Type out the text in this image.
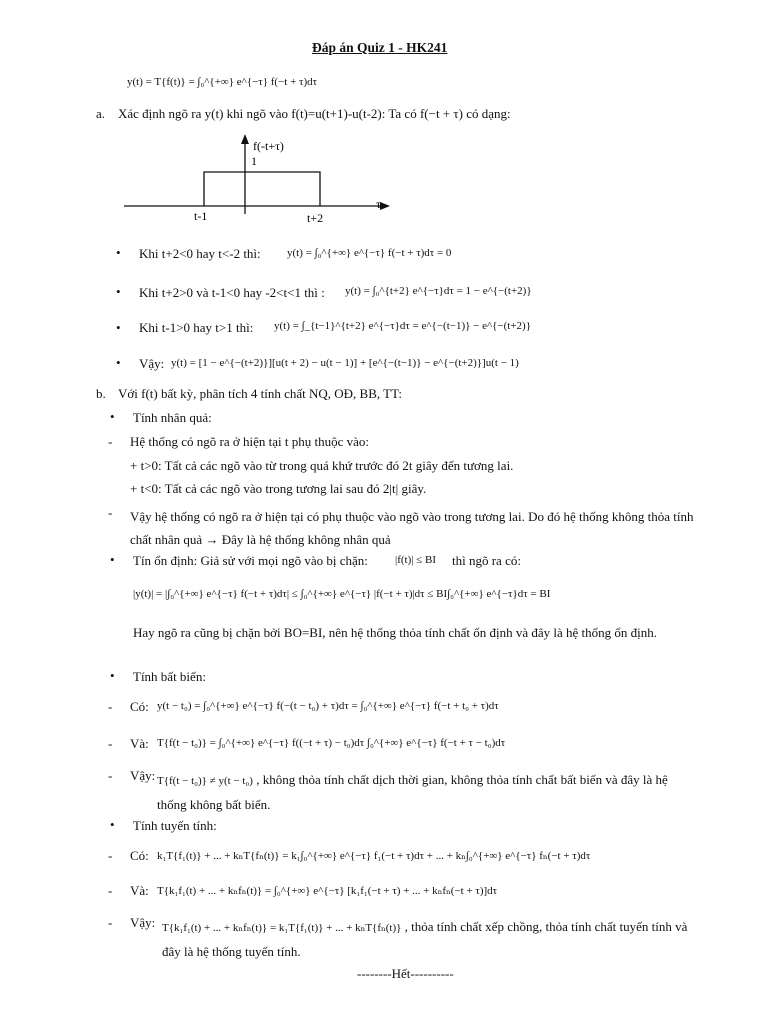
Đáp án Quiz 1 - HK241
y(t) = T{f(t)} = ∫₀^{+∞} e^{−τ} f(−t + τ)dτ
a. Xác định ngõ ra y(t) khi ngõ vào f(t)=u(t+1)-u(t-2): Ta có f(−t + τ) có dạng:
f(-t+τ)
1
t-1	t+2
τ
• Khi t+2<0 hay t<-2 thì: y(t) = ∫₀^{+∞} e^{−τ} f(−t + τ)dτ = 0
• Khi t+2>0 và t-1<0 hay -2<t<1 thì : y(t) = ∫₀^{t+2} e^{−τ}dτ = 1 − e^{−(t+2)}
• Khi t-1>0 hay t>1 thì: y(t) = ∫_{t−1}^{t+2} e^{−τ}dτ = e^{−(t−1)} − e^{−(t+2)}
• Vậy: y(t) = [1 − e^{−(t+2)}][u(t + 2) − u(t − 1)] + [e^{−(t−1)} − e^{−(t+2)}]u(t − 1)
b. Với f(t) bất kỳ, phân tích 4 tính chất NQ, OĐ, BB, TT:
• Tính nhân quả:
- Hệ thống có ngõ ra ở hiện tại t phụ thuộc vào:
+ t>0: Tất cả các ngõ vào từ trong quá khứ trước đó 2t giây đến tương lai.
+ t<0: Tất cả các ngõ vào trong tương lai sau đó 2|t| giây.
- Vậy hệ thống có ngõ ra ở hiện tại có phụ thuộc vào ngõ vào trong tương lai. Do đó hệ thống không thỏa tính chất nhân quả → Đây là hệ thống không nhân quả
• Tín ổn định: Giả sử với mọi ngõ vào bị chặn: |f(t)| ≤ BI thì ngõ ra có:
|y(t)| = |∫₀^{+∞} e^{−τ} f(−t + τ)dτ| ≤ ∫₀^{+∞} e^{−τ} |f(−t + τ)|dτ ≤ BI∫₀^{+∞} e^{−τ}dτ = BI
Hay ngõ ra cũng bị chặn bởi BO=BI, nên hệ thống thỏa tính chất ổn định và đây là hệ thống ổn định.
• Tính bất biến:
- Có: y(t − t₀) = ∫₀^{+∞} e^{−τ} f(−(t − t₀) + τ)dτ = ∫₀^{+∞} e^{−τ} f(−t + t₀ + τ)dτ
- Và: T{f(t − t₀)} = ∫₀^{+∞} e^{−τ} f((−t + τ) − t₀)dτ ∫₀^{+∞} e^{−τ} f(−t + τ − t₀)dτ
- Vậy: T{f(t − t₀)} ≠ y(t − t₀) , không thỏa tính chất dịch thời gian, không thỏa tính chất bất biến và đây là hệ thống không bất biến.
• Tính tuyến tính:
- Có: k₁T{f₁(t)} + ... + kₙT{fₙ(t)} = k₁∫₀^{+∞} e^{−τ} f₁(−t + τ)dτ + ... + kₙ∫₀^{+∞} e^{−τ} fₙ(−t + τ)dτ
- Và: T{k₁f₁(t) + ... + kₙfₙ(t)} = ∫₀^{+∞} e^{−τ} [k₁f₁(−t + τ) + ... + kₙfₙ(−t + τ)]dτ
- Vậy: T{k₁f₁(t) + ... + kₙfₙ(t)} = k₁T{f₁(t)} + ... + kₙT{fₙ(t)} , thỏa tính chất xếp chồng, thỏa tính chất tuyến tính và đây là hệ thống tuyến tính.
--------Hết----------
